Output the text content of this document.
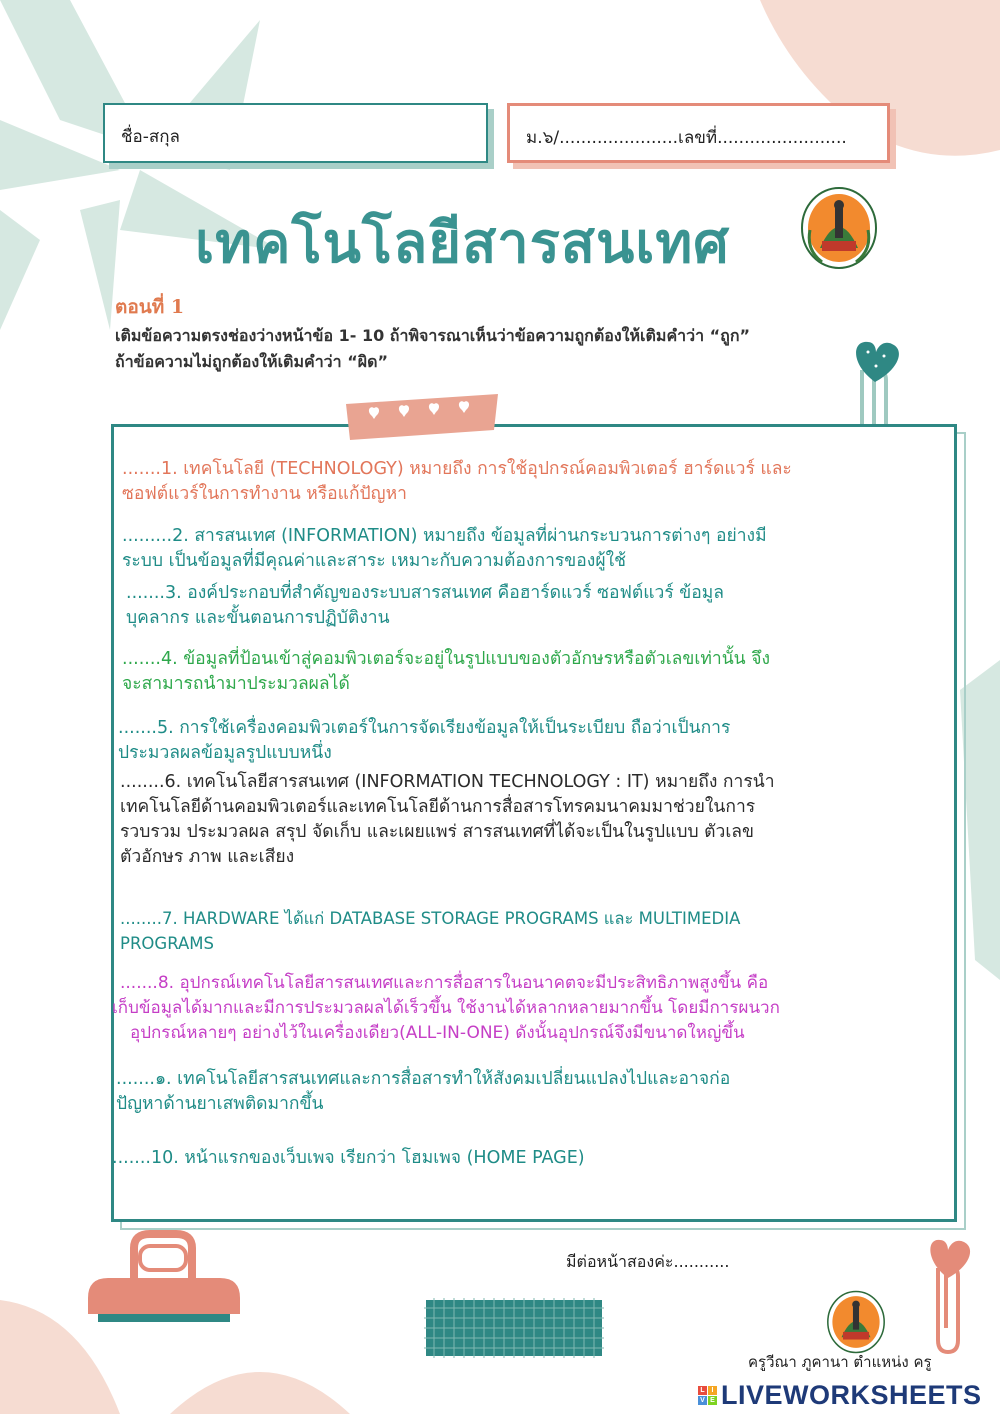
ชื่อ-สกุล	ม.๖/......................เลขที่........................
เทคโนโลยีสารสนเทศ
ตอนที่ 1
เติมข้อความตรงช่องว่างหน้าข้อ 1- 10 ถ้าพิจารณาเห็นว่าข้อความถูกต้องให้เติมคำว่า “ถูก”
ถ้าข้อความไม่ถูกต้องให้เติมคำว่า “ผิด”
.......1. เทคโนโลยี (TECHNOLOGY) หมายถึง การใช้อุปกรณ์คอมพิวเตอร์ ฮาร์ดแวร์ และ
ซอฟต์แวร์ในการทำงาน หรือแก้ปัญหา
.........2. สารสนเทศ (INFORMATION) หมายถึง ข้อมูลที่ผ่านกระบวนการต่างๆ อย่างมี
ระบบ เป็นข้อมูลที่มีคุณค่าและสาระ เหมาะกับความต้องการของผู้ใช้
.......3. องค์ประกอบที่สำคัญของระบบสารสนเทศ คือฮาร์ดแวร์ ซอฟต์แวร์ ข้อมูล
บุคลากร และขั้นตอนการปฏิบัติงาน
.......4. ข้อมูลที่ป้อนเข้าสู่คอมพิวเตอร์จะอยู่ในรูปแบบของตัวอักษรหรือตัวเลขเท่านั้น จึง
จะสามารถนำมาประมวลผลได้
.......5. การใช้เครื่องคอมพิวเตอร์ในการจัดเรียงข้อมูลให้เป็นระเบียบ ถือว่าเป็นการ
ประมวลผลข้อมูลรูปแบบหนึ่ง
........6. เทคโนโลยีสารสนเทศ (INFORMATION TECHNOLOGY : IT) หมายถึง การนำ
เทคโนโลยีด้านคอมพิวเตอร์และเทคโนโลยีด้านการสื่อสารโทรคมนาคมมาช่วยในการ
รวบรวม ประมวลผล สรุป จัดเก็บ และเผยแพร่ สารสนเทศที่ได้จะเป็นในรูปแบบ ตัวเลข
ตัวอักษร ภาพ และเสียง
........7. HARDWARE ได้แก่ DATABASE STORAGE PROGRAMS และ MULTIMEDIA
PROGRAMS
.......8. อุปกรณ์เทคโนโลยีสารสนเทศและการสื่อสารในอนาคตจะมีประสิทธิภาพสูงขึ้น คือ
เก็บข้อมูลได้มากและมีการประมวลผลได้เร็วขึ้น ใช้งานได้หลากหลายมากขึ้น โดยมีการผนวก
อุปกรณ์หลายๆ อย่างไว้ในเครื่องเดียว(ALL-IN-ONE) ดังนั้นอุปกรณ์จึงมีขนาดใหญ่ขึ้น
.......๑. เทคโนโลยีสารสนเทศและการสื่อสารทำให้สังคมเปลี่ยนแปลงไปและอาจก่อ
ปัญหาด้านยาเสพติดมากขึ้น
.......10. หน้าแรกของเว็บเพจ เรียกว่า โฮมเพจ (HOME PAGE)
มีต่อหน้าสองค่ะ...........
ครูวีณา ภูคานา ตำแหน่ง ครู
L I
V E LIVEWORKSHEETS
